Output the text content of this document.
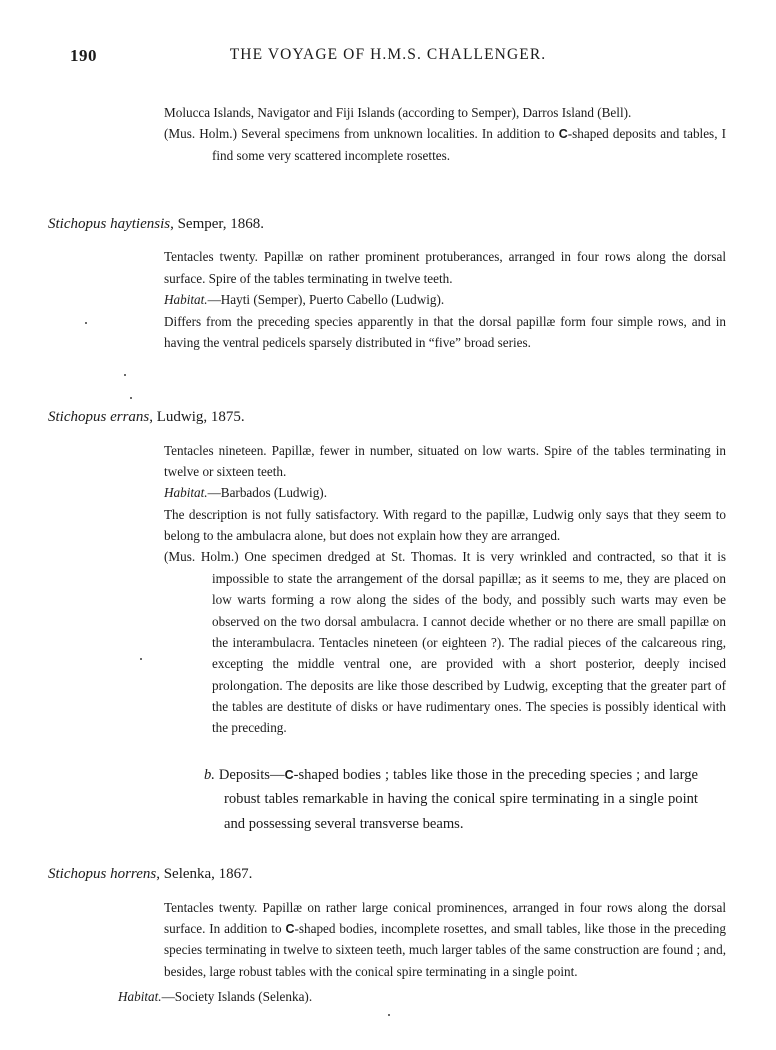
190	THE VOYAGE OF H.M.S. CHALLENGER.
Molucca Islands, Navigator and Fiji Islands (according to Semper), Darros Island (Bell).
(Mus. Holm.) Several specimens from unknown localities. In addition to C-shaped deposits and tables, I find some very scattered incomplete rosettes.
Stichopus haytiensis, Semper, 1868.
Tentacles twenty. Papillæ on rather prominent protuberances, arranged in four rows along the dorsal surface. Spire of the tables terminating in twelve teeth.
Habitat.—Hayti (Semper), Puerto Cabello (Ludwig).
Differs from the preceding species apparently in that the dorsal papillæ form four simple rows, and in having the ventral pedicels sparsely distributed in “five” broad series.
Stichopus errans, Ludwig, 1875.
Tentacles nineteen. Papillæ, fewer in number, situated on low warts. Spire of the tables terminating in twelve or sixteen teeth.
Habitat.—Barbados (Ludwig).
The description is not fully satisfactory. With regard to the papillæ, Ludwig only says that they seem to belong to the ambulacra alone, but does not explain how they are arranged.
(Mus. Holm.) One specimen dredged at St. Thomas. It is very wrinkled and contracted, so that it is impossible to state the arrangement of the dorsal papillæ; as it seems to me, they are placed on low warts forming a row along the sides of the body, and possibly such warts may even be observed on the two dorsal ambulacra. I cannot decide whether or no there are small papillæ on the interambulacra. Tentacles nineteen (or eighteen ?). The radial pieces of the calcareous ring, excepting the middle ventral one, are provided with a short posterior, deeply incised prolongation. The deposits are like those described by Ludwig, excepting that the greater part of the tables are destitute of disks or have rudimentary ones. The species is possibly identical with the preceding.
b. Deposits—C-shaped bodies ; tables like those in the preceding species ; and large robust tables remarkable in having the conical spire terminating in a single point and possessing several transverse beams.
Stichopus horrens, Selenka, 1867.
Tentacles twenty. Papillæ on rather large conical prominences, arranged in four rows along the dorsal surface. In addition to C-shaped bodies, incomplete rosettes, and small tables, like those in the preceding species terminating in twelve to sixteen teeth, much larger tables of the same construction are found ; and, besides, large robust tables with the conical spire terminating in a single point.
Habitat.—Society Islands (Selenka).
